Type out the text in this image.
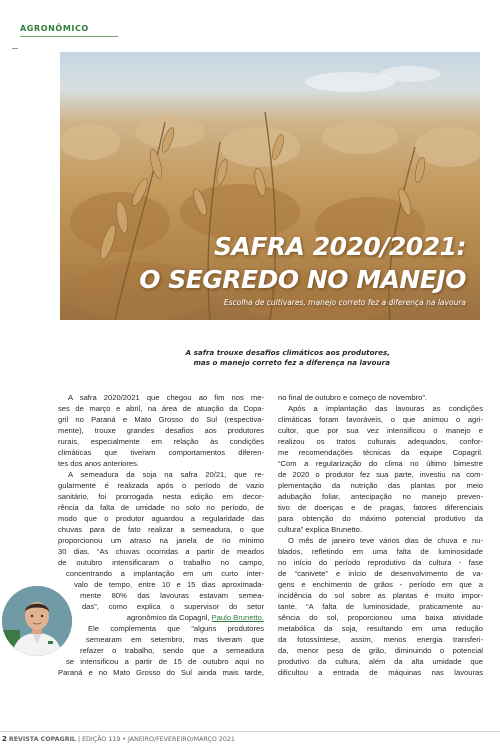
AGRONÔMICO
SAFRA 2020/2021:
O SEGREDO NO MANEJO
Escolha de cultivares, manejo correto fez a diferença na lavoura
A safra trouxe desafios climáticos aos produtores,
mas o manejo correto fez a diferença na lavoura
A safra 2020/2021 que chegou ao fim nos me-
ses de março e abril, na área de atuação da Copa-
gril no Paraná e Mato Grosso do Sul (respectiva-
mente), trouxe grandes desafios aos produtores
rurais, especialmente em relação às condições
climáticas que tiveram comportamentos diferen-
tes dos anos anteriores.
A semeadura da soja na safra 20/21, que re-
gularmente é realizada após o período de vazio
sanitário, foi prorrogada nesta edição em decor-
rência da falta de umidade no solo no período, de
modo que o produtor aguardou a regularidade das
chuvas para de fato realizar a semeadura, o que
proporcionou um atraso na janela de no mínimo
30 dias. “As chuvas ocorridas a partir de meados
de outubro intensificaram o trabalho no campo,
concentrando a implantação em um curto inter-
valo de tempo, entre 10 e 15 dias aproximada-
mente 80% das lavouras estavam semea-
das”, como explica o supervisor do setor
agronômico da Copagril, Paulo Brunetto.
Ele complementa que “alguns produtores
semearam em setembro, mas tiveram que
refazer o trabalho, sendo que a semeadura
se intensificou a partir de 15 de outubro aqui no
Paraná e no Mato Grosso do Sul ainda mais tarde,
no final de outubro e começo de novembro”.
Após a implantação das lavouras as condições
climáticas foram favoráveis, o que animou o agri-
cultor, que por sua vez intensificou o manejo e
realizou os tratos culturais adequados, confor-
me recomendações técnicas da equipe Copagril.
“Com a regularização do clima no último bimestre
de 2020 o produtor fez sua parte, investiu na com-
plementação da nutrição das plantas por meio
adubação foliar, antecipação no manejo preven-
tivo de doenças e de pragas, fatores diferenciais
para obtenção do máximo potencial produtivo da
cultura” explica Brunetto.
O mês de janeiro teve vários dias de chuva e nu-
blados, refletindo em uma falta de luminosidade
no início do período reprodutivo da cultura - fase
de “canivete” e início de desenvolvimento de va-
gens e enchimento de grãos - período em que a
incidência do sol sobre as plantas é muito impor-
tante. “A falta de luminosidade, praticamente au-
sência do sol, proporcionou uma baixa atividade
metabólica da soja, resultando em uma redução
da fotossíntese, assim, menos energia transferi-
da, menor peso de grão, diminuindo o potencial
produtivo da cultura, além da alta umidade que
dificultou a entrada de máquinas nas lavouras
2 REVISTA COPAGRIL | EDIÇÃO 119 • JANEIRO/FEVEREIRO/MARÇO 2021
